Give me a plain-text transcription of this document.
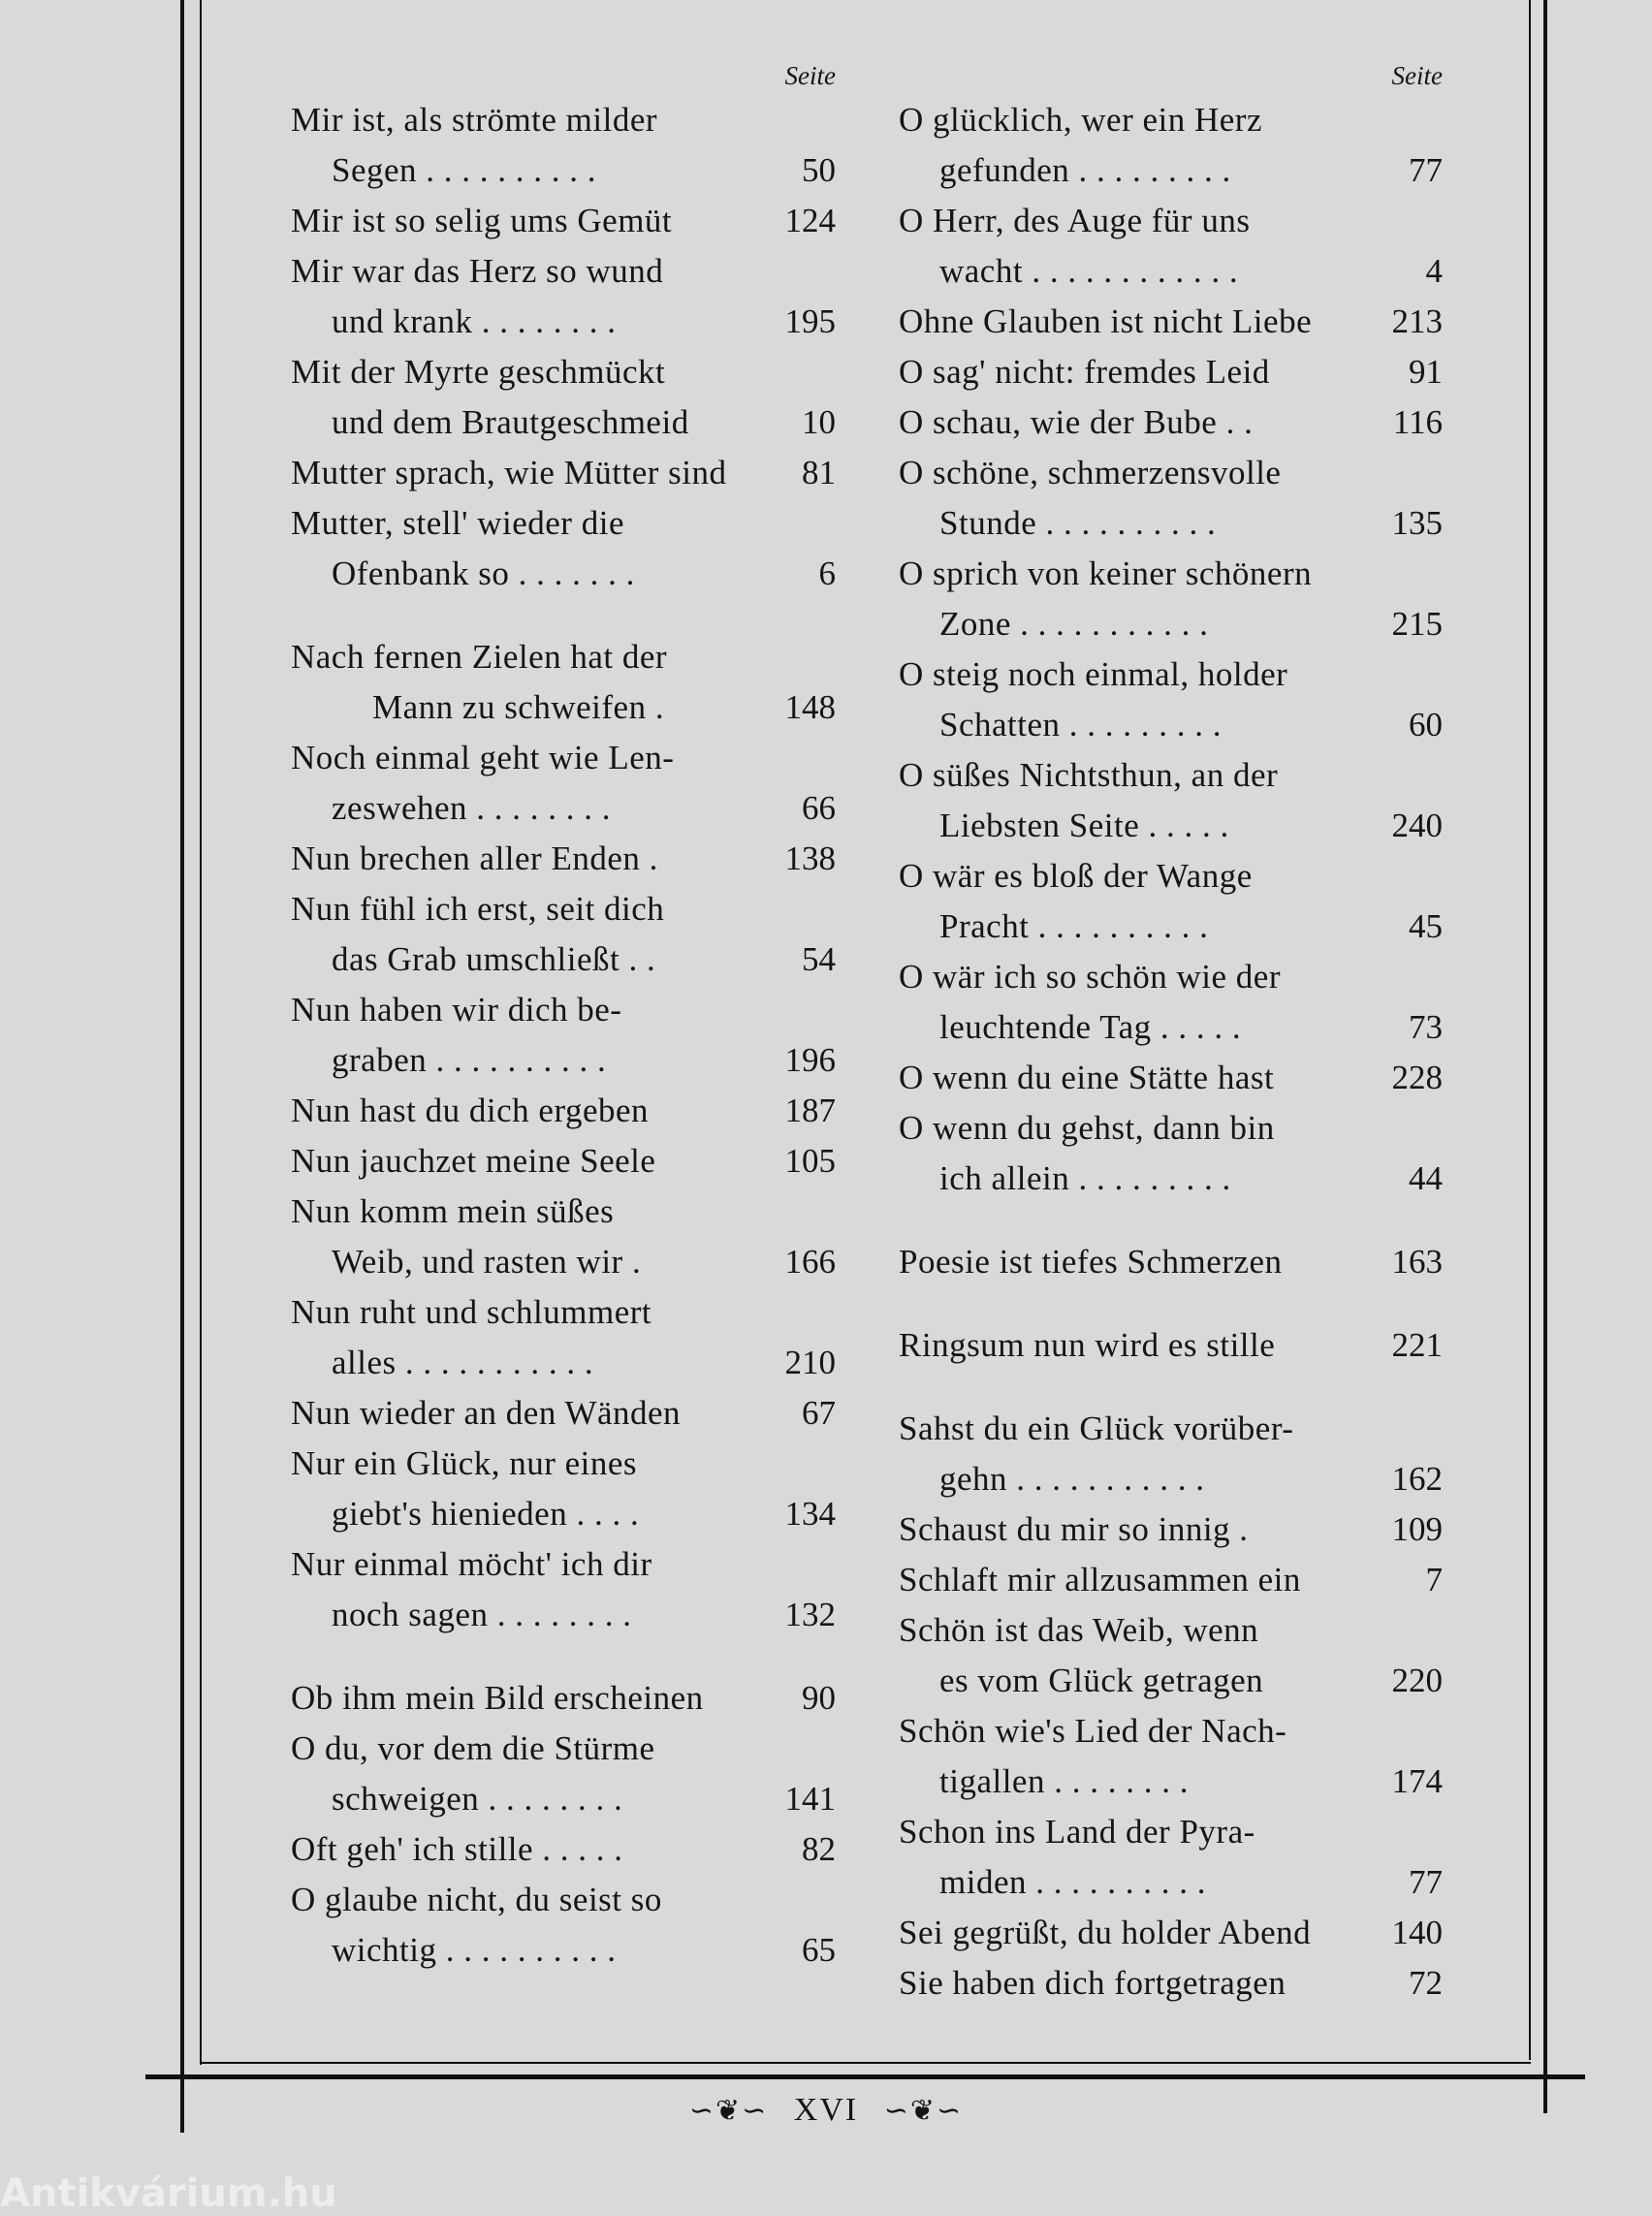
Seite
Mir ist, als strömte milder
Segen . . . . . . . . . .	50
Mir ist so selig ums Gemüt	124
Mir war das Herz so wund
und krank . . . . . . . .	195
Mit der Myrte geschmückt
und dem Brautgeschmeid	10
Mutter sprach, wie Mütter sind	81
Mutter, stell' wieder die
Ofenbank so . . . . . . .	6
Nach fernen Zielen hat der
Mann zu schweifen .	148
Noch einmal geht wie Len-
zeswehen . . . . . . . .	66
Nun brechen aller Enden .	138
Nun fühl ich erst, seit dich
das Grab umschließt . .	54
Nun haben wir dich be-
graben . . . . . . . . . .	196
Nun hast du dich ergeben	187
Nun jauchzet meine Seele	105
Nun komm mein süßes
Weib, und rasten wir .	166
Nun ruht und schlummert
alles . . . . . . . . . . .	210
Nun wieder an den Wänden	67
Nur ein Glück, nur eines
giebt's hienieden . . . .	134
Nur einmal möcht' ich dir
noch sagen . . . . . . . .	132
Ob ihm mein Bild erscheinen	90
O du, vor dem die Stürme
schweigen . . . . . . . .	141
Oft geh' ich stille . . . . .	82
O glaube nicht, du seist so
wichtig . . . . . . . . . .	65
Seite
O glücklich, wer ein Herz
gefunden . . . . . . . . .	77
O Herr, des Auge für uns
wacht . . . . . . . . . . . .	4
Ohne Glauben ist nicht Liebe	213
O sag' nicht: fremdes Leid	91
O schau, wie der Bube . .	116
O schöne, schmerzensvolle
Stunde . . . . . . . . . .	135
O sprich von keiner schönern
Zone . . . . . . . . . . .	215
O steig noch einmal, holder
Schatten . . . . . . . . .	60
O süßes Nichtsthun, an der
Liebsten Seite . . . . .	240
O wär es bloß der Wange
Pracht . . . . . . . . . .	45
O wär ich so schön wie der
leuchtende Tag . . . . .	73
O wenn du eine Stätte hast	228
O wenn du gehst, dann bin
ich allein . . . . . . . . .	44
Poesie ist tiefes Schmerzen	163
Ringsum nun wird es stille	221
Sahst du ein Glück vorüber-
gehn . . . . . . . . . . .	162
Schaust du mir so innig .	109
Schlaft mir allzusammen ein	7
Schön ist das Weib, wenn
es vom Glück getragen	220
Schön wie's Lied der Nach-
tigallen . . . . . . . .	174
Schon ins Land der Pyra-
miden . . . . . . . . . .	77
Sei gegrüßt, du holder Abend	140
Sie haben dich fortgetragen	72
∽❦∽ XVI ∽❦∽
Antikvárium.hu
